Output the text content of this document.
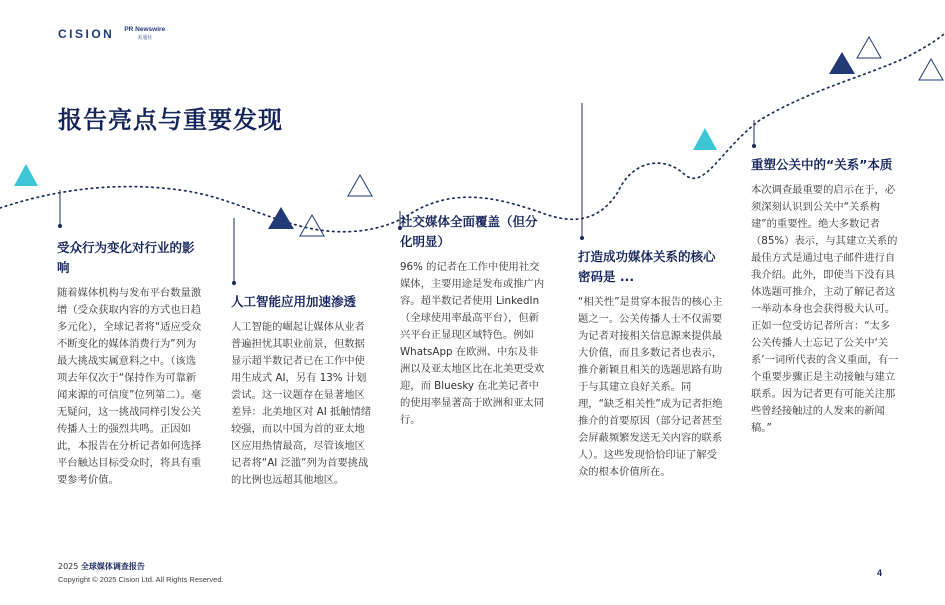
CISION PR Newswire
美通社
报告亮点与重要发现
受众行为变化对行业的影响

随着媒体机构与发布平台数量激增（受众获取内容的方式也日趋多元化），全球记者将“适应受众不断变化的媒体消费行为”列为最大挑战实属意料之中。（该选项去年仅次于“保持作为可靠新闻来源的可信度”位列第二）。毫无疑问，这一挑战同样引发公关传播人士的强烈共鸣。正因如此，本报告在分析记者如何选择平台触达目标受众时，将具有重要参考价值。

人工智能应用加速渗透

人工智能的崛起让媒体从业者普遍担忧其职业前景，但数据显示超半数记者已在工作中使用生成式 AI，另有 13% 计划尝试。这一议题存在显著地区差异：北美地区对 AI 抵触情绪较强，而以中国为首的亚太地区应用热情最高，尽管该地区记者将“AI 泛滥”列为首要挑战的比例也远超其他地区。

社交媒体全面覆盖（但分化明显）

96% 的记者在工作中使用社交媒体，主要用途是发布或推广内容。超半数记者使用 LinkedIn（全球使用率最高平台），但新兴平台正显现区域特色。例如 WhatsApp 在欧洲、中东及非洲以及亚太地区比在北美更受欢迎，而 Bluesky 在北美记者中的使用率显著高于欧洲和亚太同行。

打造成功媒体关系的核心密码是 ...

“相关性”是贯穿本报告的核心主题之一。公关传播人士不仅需要为记者对接相关信息源来提供最大价值，而且多数记者也表示，推介新颖且相关的选题思路有助于与其建立良好关系。同理，“缺乏相关性”成为记者拒绝推介的首要原因（部分记者甚至会屏蔽频繁发送无关内容的联系人）。这些发现恰恰印证了解受众的根本价值所在。

重塑公关中的“关系”本质

本次调查最重要的启示在于，必须深刻认识到公关中“关系构建”的重要性。绝大多数记者（85%）表示，与其建立关系的最佳方式是通过电子邮件进行自我介绍。此外，即使当下没有具体选题可推介，主动了解记者这一举动本身也会获得极大认可。正如一位受访记者所言：“太多公关传播人士忘记了公关中‘关系’一词所代表的含义重面，有一个重要步骤正是主动接触与建立联系。因为记者更有可能关注那些曾经接触过的人发来的新闻稿。”

2025 全球媒体调查报告
Copyright © 2025 Cision Ltd. All Rights Reserved.
4
